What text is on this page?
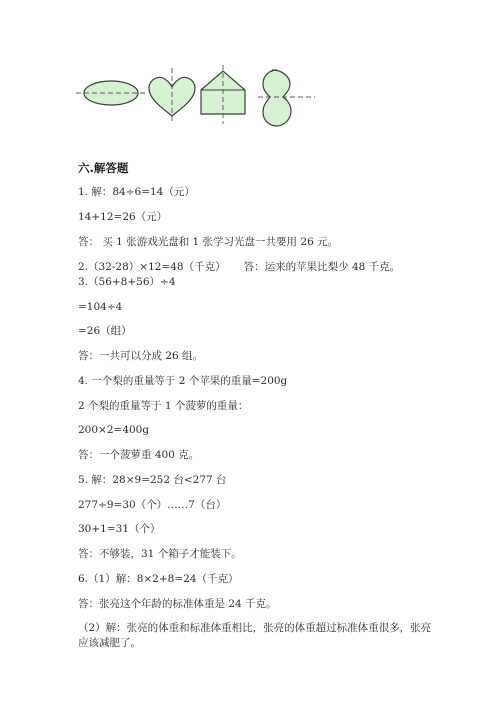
六.解答题
1. 解：84÷6=14（元）
14+12=26（元）
答： 买 1 张游戏光盘和 1 张学习光盘一共要用 26 元。
2.（32-28）×12=48（千克） 答：运来的苹果比梨少 48 千克。
3.（56+8+56）÷4
=104÷4
=26（组）
答：一共可以分成 26 组。
4. 一个梨的重量等于 2 个苹果的重量=200g
2 个梨的重量等于 1 个菠萝的重量：
200×2=400g
答：一个菠萝重 400 克。
5. 解：28×9=252 台<277 台
277÷9=30（个）……7（台）
30+1=31（个）
答：不够装，31 个箱子才能装下。
6.（1）解：8×2+8=24（千克）
答：张亮这个年龄的标准体重是 24 千克。
（2）解：张亮的体重和标准体重相比，张亮的体重超过标准体重很多，张亮应该减肥了。
